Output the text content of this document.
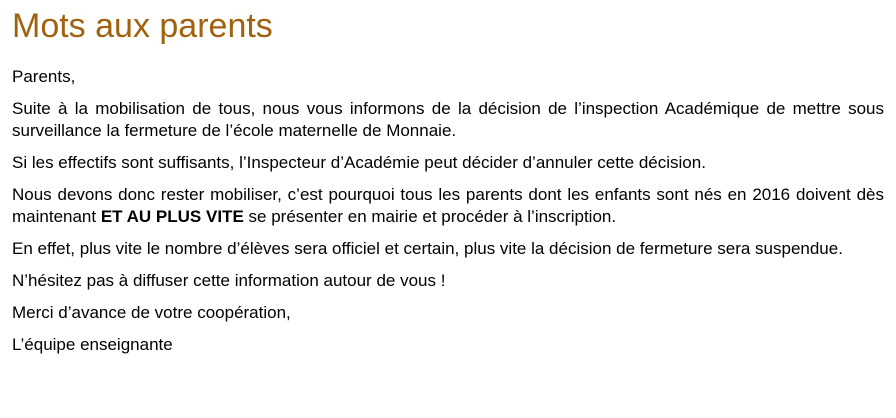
Mots aux parents

Parents,

Suite à la mobilisation de tous, nous vous informons de la décision de l’inspection Académique de mettre sous surveillance la fermeture de l’école maternelle de Monnaie.

Si les effectifs sont suffisants, l’Inspecteur d’Académie peut décider d’annuler cette décision.

Nous devons donc rester mobiliser, c’est pourquoi tous les parents dont les enfants sont nés en 2016 doivent dès maintenant ET AU PLUS VITE se présenter en mairie et procéder à l’inscription.

En effet, plus vite le nombre d’élèves sera officiel et certain, plus vite la décision de fermeture sera suspendue.

N’hésitez pas à diffuser cette information autour de vous !

Merci d’avance de votre coopération,

L’équipe enseignante
